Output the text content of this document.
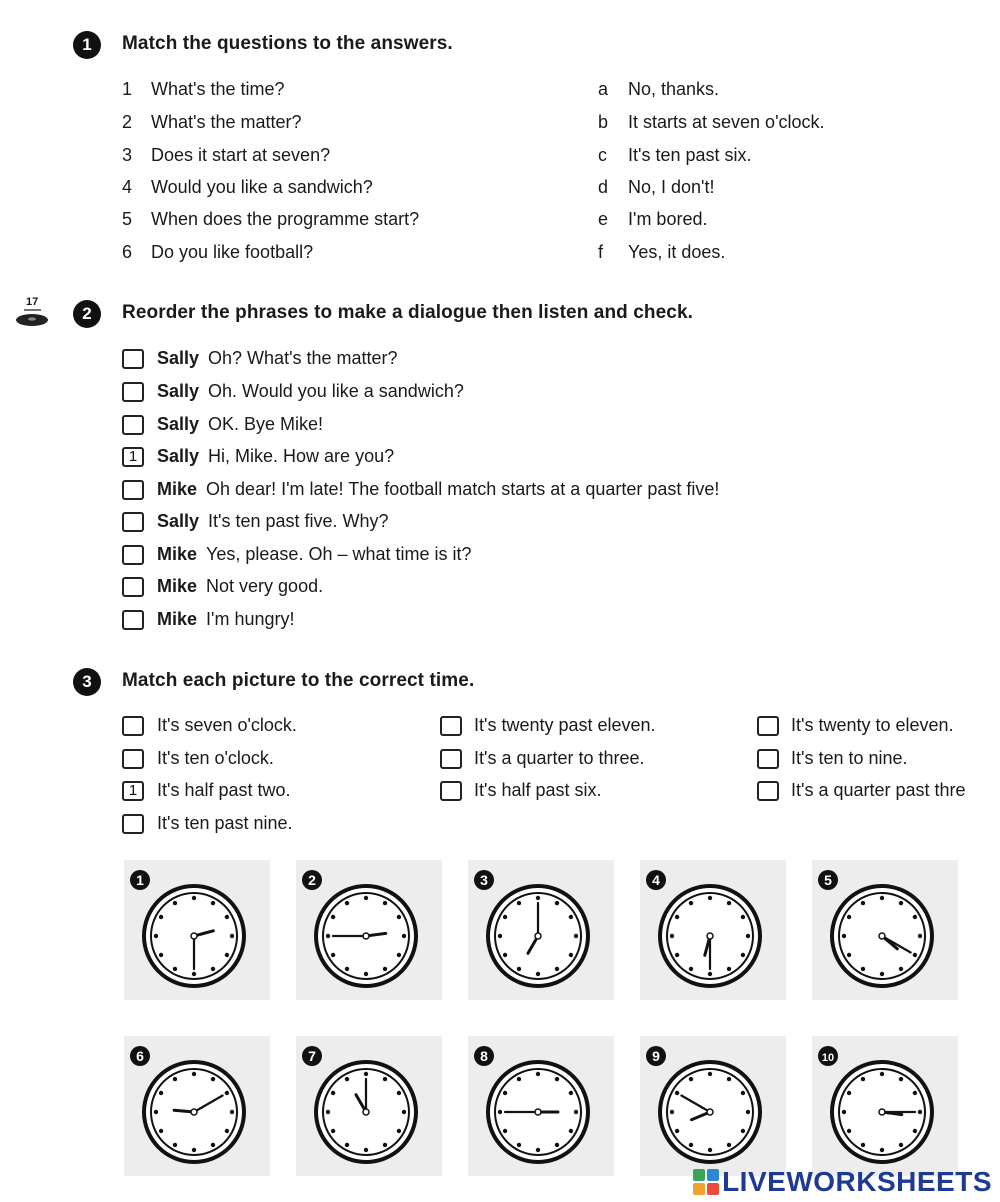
1	Match the questions to the answers.
1	What's the time?
2	What's the matter?
3	Does it start at seven?
4	Would you like a sandwich?
5	When does the programme start?
6	Do you like football?
a	No, thanks.
b	It starts at seven o'clock.
c	It's ten past six.
d	No, I don't!
e	I'm bored.
f	Yes, it does.
17
2	Reorder the phrases to make a dialogue then listen and check.
Sally Oh? What's the matter?
Sally Oh. Would you like a sandwich?
Sally OK. Bye Mike!
1	Sally Hi, Mike. How are you?
Mike Oh dear! I'm late! The football match starts at a quarter past five!
Sally It's ten past five. Why?
Mike Yes, please. Oh – what time is it?
Mike Not very good.
Mike I'm hungry!
3	Match each picture to the correct time.
It's seven o'clock.
It's ten o'clock.
1	It's half past two.
It's ten past nine.
It's twenty past eleven.
It's a quarter to three.
It's half past six.
It's twenty to eleven.
It's ten to nine.
It's a quarter past thre
1	2	3	4	5
6	7	8	9	10
LIVEWORKSHEETS
